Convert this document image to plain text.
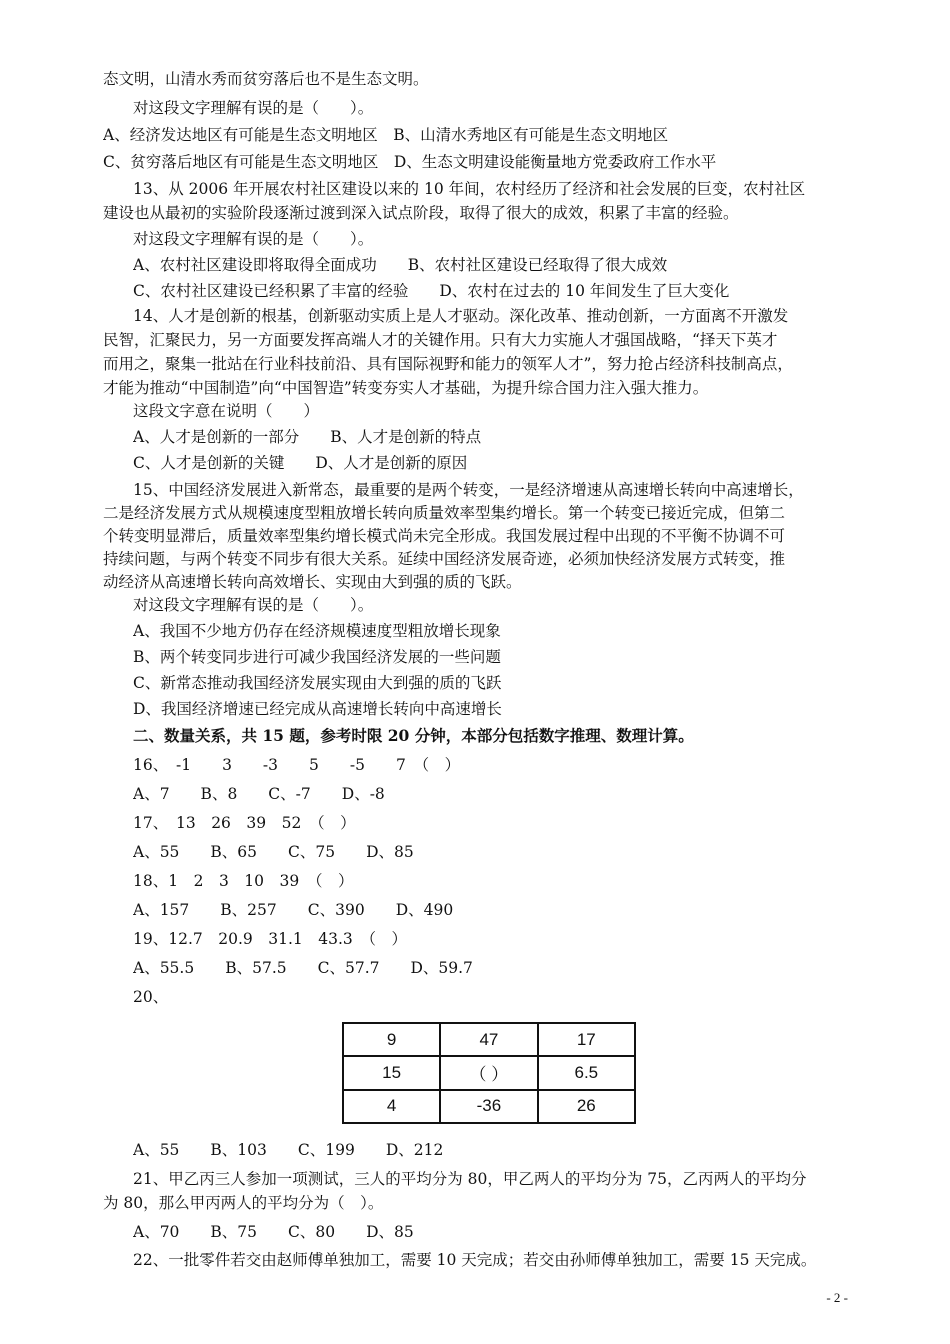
态文明，山清水秀而贫穷落后也不是生态文明。
对这段文字理解有误的是（　　）。
A、经济发达地区有可能是生态文明地区　B、山清水秀地区有可能是生态文明地区
C、贫穷落后地区有可能是生态文明地区　D、生态文明建设能衡量地方党委政府工作水平
13、从 2006 年开展农村社区建设以来的 10 年间，农村经历了经济和社会发展的巨变，农村社区
建设也从最初的实验阶段逐渐过渡到深入试点阶段，取得了很大的成效，积累了丰富的经验。
对这段文字理解有误的是（　　）。
A、农村社区建设即将取得全面成功　　B、农村社区建设已经取得了很大成效
C、农村社区建设已经积累了丰富的经验　　D、农村在过去的 10 年间发生了巨大变化
14、人才是创新的根基，创新驱动实质上是人才驱动。深化改革、推动创新，一方面离不开激发
民智，汇聚民力，另一方面要发挥高端人才的关键作用。只有大力实施人才强国战略，“择天下英才
而用之，聚集一批站在行业科技前沿、具有国际视野和能力的领军人才”，努力抢占经济科技制高点，
才能为推动“中国制造”向“中国智造”转变夯实人才基础，为提升综合国力注入强大推力。
这段文字意在说明（　　）
A、人才是创新的一部分　　B、人才是创新的特点
C、人才是创新的关键　　D、人才是创新的原因
15、中国经济发展进入新常态，最重要的是两个转变，一是经济增速从高速增长转向中高速增长，
二是经济发展方式从规模速度型粗放增长转向质量效率型集约增长。第一个转变已接近完成，但第二
个转变明显滞后，质量效率型集约增长模式尚未完全形成。我国发展过程中出现的不平衡不协调不可
持续问题，与两个转变不同步有很大关系。延续中国经济发展奇迹，必须加快经济发展方式转变，推
动经济从高速增长转向高效增长、实现由大到强的质的飞跃。
对这段文字理解有误的是（　　）。
A、我国不少地方仍存在经济规模速度型粗放增长现象
B、两个转变同步进行可减少我国经济发展的一些问题
C、新常态推动我国经济发展实现由大到强的质的飞跃
D、我国经济增速已经完成从高速增长转向中高速增长
二、数量关系，共 15 题，参考时限 20 分钟，本部分包括数字推理、数理计算。
16、　-1　　3　　-3　　5　　-5　　7　（　）
A、7　　B、8　　C、-7　　D、-8
17、　13　26　39　52　（　）
A、55　　B、65　　C、75　　D、85
18、1　2　3　10　39　（　）
A、157　　B、257　　C、390　　D、490
19、12.7　20.9　31.1　43.3　（　）
A、55.5　　B、57.5　　C、57.7　　D、59.7
20、
9	47	17
15	（ ）	6.5
4	-36	26
A、55　　B、103　　C、199　　D、212
21、甲乙丙三人参加一项测试，三人的平均分为 80，甲乙两人的平均分为 75，乙丙两人的平均分
为 80，那么甲丙两人的平均分为（　）。
A、70　　B、75　　C、80　　D、85
22、一批零件若交由赵师傅单独加工，需要 10 天完成；若交由孙师傅单独加工，需要 15 天完成。
- 2 -
